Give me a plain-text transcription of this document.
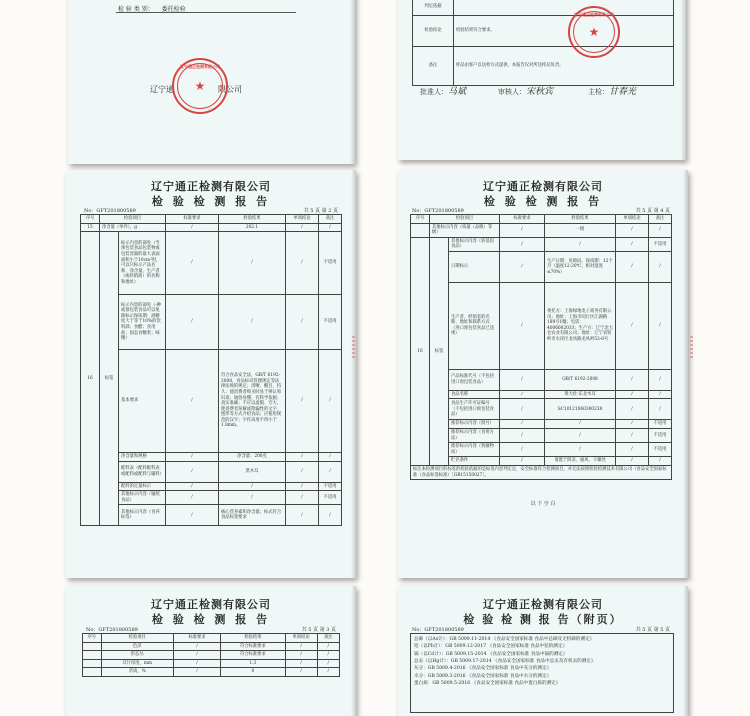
检 验 类 别： 委托检验
辽宁通	限公司
辽宁通正检测有限公司
★
判定依据	
检验结论	检验结果符合要求。
备注	样品由客户以送检方式提供，本报告仅对所送样品负责。
辽宁通正检测有限公司
★
批准人：马斌	审核人：宋秋宾	主检：甘春光
辽宁通正检测有限公司
检 验 检 测 报 告
No：GFT201800589	共 5 页 第 2 页
序号	检验项目		标准要求	检验结果	单项结论	备注
15	净含量（单件），g		/	202.1	/	/
16	标签	标示内容的部免（当预包装食品包装物或包装容器的最大表面面积小于10cm²时，可以只标示产品名称、净含量、生产者（或经销商）的名称和地址）	/	/	/	不适用
		标示内容的部免（-种或预包装食品可以免除标示保质期：酒精度大于等于10%的饮料酒；食醋；食用盐；固态食糖类；味精）	/	/	/	不适用
		基本要求	/	符合食品安全法，GB/T 6192-2008，食品标识管理规定等法律法规的规定；清晰、醒目、持久；使消费者购买时易于辨认和识读；通俗易懂、有科学依据；真实准确；不应以虚假、夸大、使消费者误解或欺骗性的文字、图形等方式介绍食品；应使用规范的汉字；字符高度不得小于1.8mm。	/	/
		净含量和规格	/	净含量：200克	/	/
		配料表（配料配料表或配料或配料与辅料）	/	黑木耳	/	/
		配料的定量标示	/	/	/	不适用
		其他标示内容（辐照食品）	/	/	/	不适用
		其他标示内容（食养标签）	/	核心营养素和净含量；标式符合食品标签要求	/	/
辽宁通正检测有限公司
检 验 检 测 报 告
No：GFT201800589	共 5 页 第 4 页
序号	检验项目		标准要求	检验结果	单项结论	备注
	其他标示内容（质量（品级）等级）		/	一级	/	/
16	标签	其他标示内容（转基因食品）	/	/	/	不适用
		日期标示	/	生产日期：见喷码，保质期：12个月（温度12-20℃，相对湿度≤70%）	/	/
		生产者、经销者的名称、地址和联系方式（进口预包装食品已违规）	/	委托方：上海绿地电子商务有限公司；地址：上海市闵行区江湖路189号1幢；电话：4006002033；生产方：辽宁北大仓农业有限公司；地址：辽宁省铁岭市水洋区龙凤路龙凤岭53-8号	/	/
		产品标准代号（不包括进口预包装食品）	/	GB/T 6192-2008	/	/
		食品名称	/	黄大杜·东北木耳	/	/
		食品生产许可证编号（不包括进口预包装食品）	/	SC10121060300238	/	/
		推荐标示内容（批号）	/	/	/	不适用
		推荐标示内容（食用方法）	/	/	/	不适用
		推荐标示内容（致敏物质）	/	/	/	不适用
		贮存条件	/	请置于阴凉、通风、干燥处	/	/
标注本检测项目的标签的检验依据的是标签内容判定定，安全标准符合检测项目，并无法按照检验检测技术有限公司（食品安全国家标准（食品标签标准）［GB15150027］。						
以 下 空 白
辽宁通正检测有限公司
检 验 检 测 报 告
No：GFT201800589	共 5 页 第 3 页
序号	检验项目	标准要求	检验结果	单项结论	备注
	色泽	/	符合标准要求	/	/
	形态丛	/	符合标准要求	/	/
	耳片厚度，mm	/	1.3	/	/
	杂质，%	/	0	/	/
辽宁通正检测有限公司
检 验 检 测 报 告（附页）
No：GFT201800589	共 5 页 第 5 页
总砷（以As计）：GB 5009.11-2014 《食品安全国家标准 食品中总砷及无机砷的测定》
铅（以Pb计）：GB 5009.12-2017 《食品安全国家标准 食品中铅的测定》
镉（以Cd计）：GB 5009.15-2014 《食品安全国家标准 食品中镉的测定》
总汞（以Hg计）：GB 5009.17-2014 《食品安全国家标准 食品中总汞及有机汞的测定》
灰分：GB 5009.4-2016 《食品安全国家标准 食品中灰分的测定》
水分：GB 5009.3-2016 《食品安全国家标准 食品中水分的测定》
蛋白质：GB 5009.5-2016 《食品安全国家标准 食品中蛋白质的测定》
